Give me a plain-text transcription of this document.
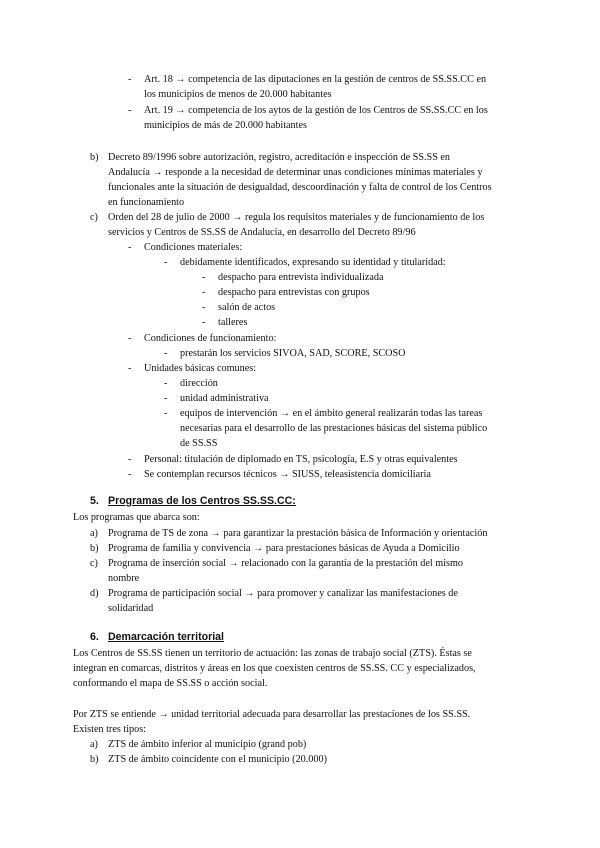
- Art. 18 → competencia de las diputaciones en la gestión de centros de SS.SS.CC en
los municipios de menos de 20.000 habitantes
- Art. 19 → competencia de los aytos de la gestión de los Centros de SS.SS.CC en los
municipios de más de 20.000 habitantes
b) Decreto 89/1996 sobre autorización, registro, acreditación e inspección de SS.SS en
Andalucía → responde a la necesidad de determinar unas condiciones mínimas materiales y
funcionales ante la situación de desigualdad, descoordinación y falta de control de los Centros
en funcionamiento
c) Orden del 28 de julio de 2000 → regula los requisitos materiales y de funcionamiento de los
servicios y Centros de SS.SS de Andalucía, en desarrollo del Decreto 89/96
- Condiciones materiales:
- debidamente identificados, expresando su identidad y titularidad:
- despacho para entrevista individualizada
- despacho para entrevistas con grupos
- salón de actos
- talleres
- Condiciones de funcionamiento:
- prestarán los servicios SIVOA, SAD, SCORE, SCOSO
- Unidades básicas comunes:
- dirección
- unidad administrativa
- equipos de intervención → en el ámbito general realizarán todas las tareas
necesarias para el desarrollo de las prestaciones básicas del sistema público
de SS.SS
- Personal: titulación de diplomado en TS, psicología, E.S y otras equivalentes
- Se contemplan recursos técnicos → SIUSS, teleasistencia domiciliaria
5. Programas de los Centros SS.SS.CC:
Los programas que abarca son:
a) Programa de TS de zona → para garantizar la prestación básica de Información y orientación
b) Programa de familia y convivencia → para prestaciones básicas de Ayuda a Domicilio
c) Programa de inserción social → relacionado con la garantía de la prestación del mismo
nombre
d) Programa de participación social → para promover y canalizar las manifestaciones de
solidaridad
6. Demarcación territorial
Los Centros de SS.SS tienen un territorio de actuación: las zonas de trabajo social (ZTS). Éstas se
integran en comarcas, distritos y áreas en los que coexisten centros de SS.SS. CC y especializados,
conformando el mapa de SS.SS o acción social.
Por ZTS se entiende → unidad territorial adecuada para desarrollar las prestaciones de los SS.SS.
Existen tres tipos:
a) ZTS de ámbito inferior al municipio (grand pob)
b) ZTS de ámbito coincidente con el municipio (20.000)
